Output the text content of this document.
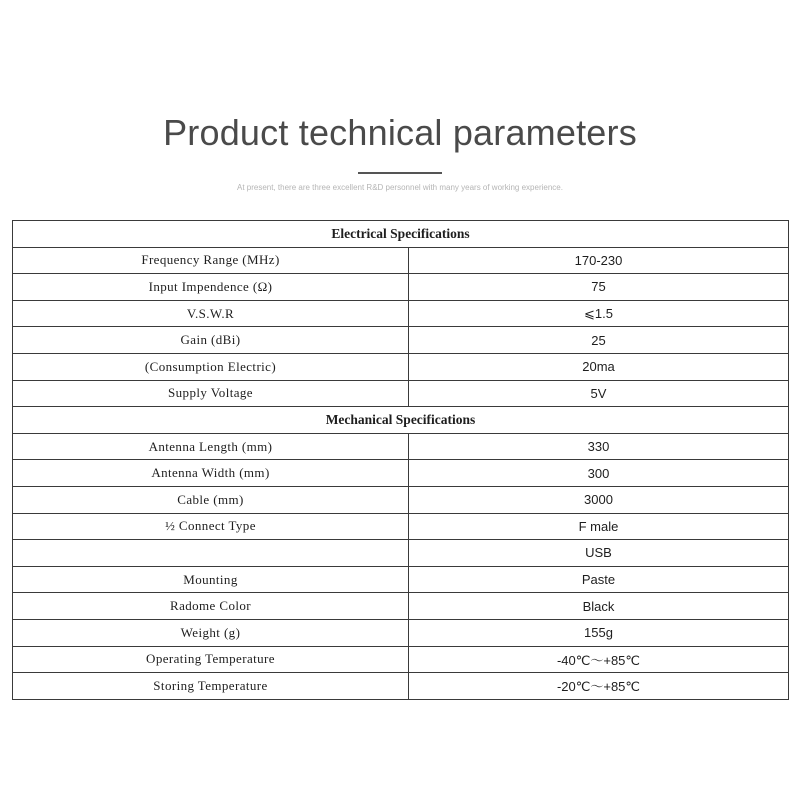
Product technical parameters
At present, there are three excellent R&D personnel with many years of working experience.
Electrical Specifications	
Frequency Range (MHz)	170-230
Input Impendence (Ω)	75
V.S.W.R	⩽1.5
Gain (dBi)	25
(Consumption Electric)	20ma
Supply Voltage	5V
Mechanical Specifications	
Antenna Length (mm)	330
Antenna Width (mm)	300
Cable (mm)	3000
½ Connect Type	F male
	USB
Mounting	Paste
Radome Color	Black
Weight (g)	155g
Operating Temperature	-40℃～+85℃
Storing Temperature	-20℃～+85℃
